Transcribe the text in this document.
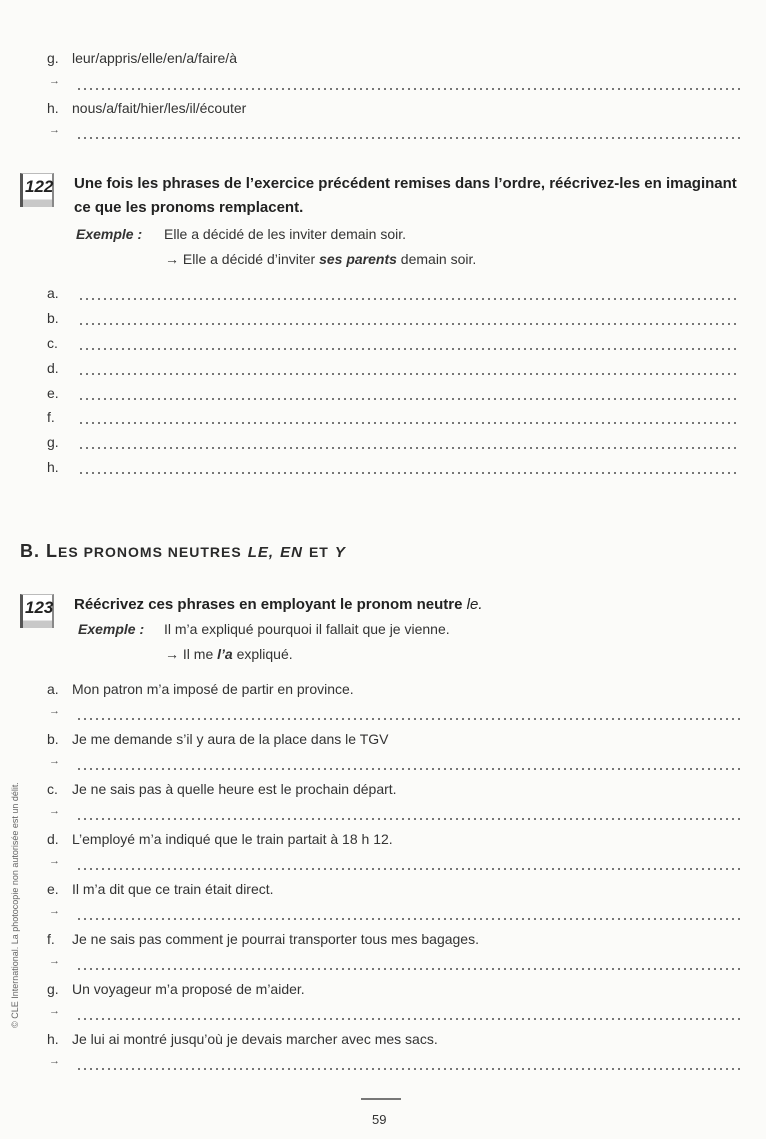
g. leur/appris/elle/en/a/faire/à
→
h. nous/a/fait/hier/les/il/écouter
→
122 Une fois les phrases de l’exercice précédent remises dans l’ordre, réécrivez-les en imaginant ce que les pronoms remplacent.
Exemple : Elle a décidé de les inviter demain soir.
→ Elle a décidé d’inviter ses parents demain soir.
a.
b.
c.
d.
e.
f.
g.
h.
B. LES PRONOMS NEUTRES LE, EN ET Y
123 Réécrivez ces phrases en employant le pronom neutre le.
Exemple : Il m’a expliqué pourquoi il fallait que je vienne.
→ Il me l’a expliqué.
a. Mon patron m’a imposé de partir en province.
→
b. Je me demande s’il y aura de la place dans le TGV
→
c. Je ne sais pas à quelle heure est le prochain départ.
→
d. L’employé m’a indiqué que le train partait à 18 h 12.
→
e. Il m’a dit que ce train était direct.
→
f. Je ne sais pas comment je pourrai transporter tous mes bagages.
→
g. Un voyageur m’a proposé de m’aider.
→
h. Je lui ai montré jusqu’où je devais marcher avec mes sacs.
→
59
© CLE International. La photocopie non autorisée est un délit.
